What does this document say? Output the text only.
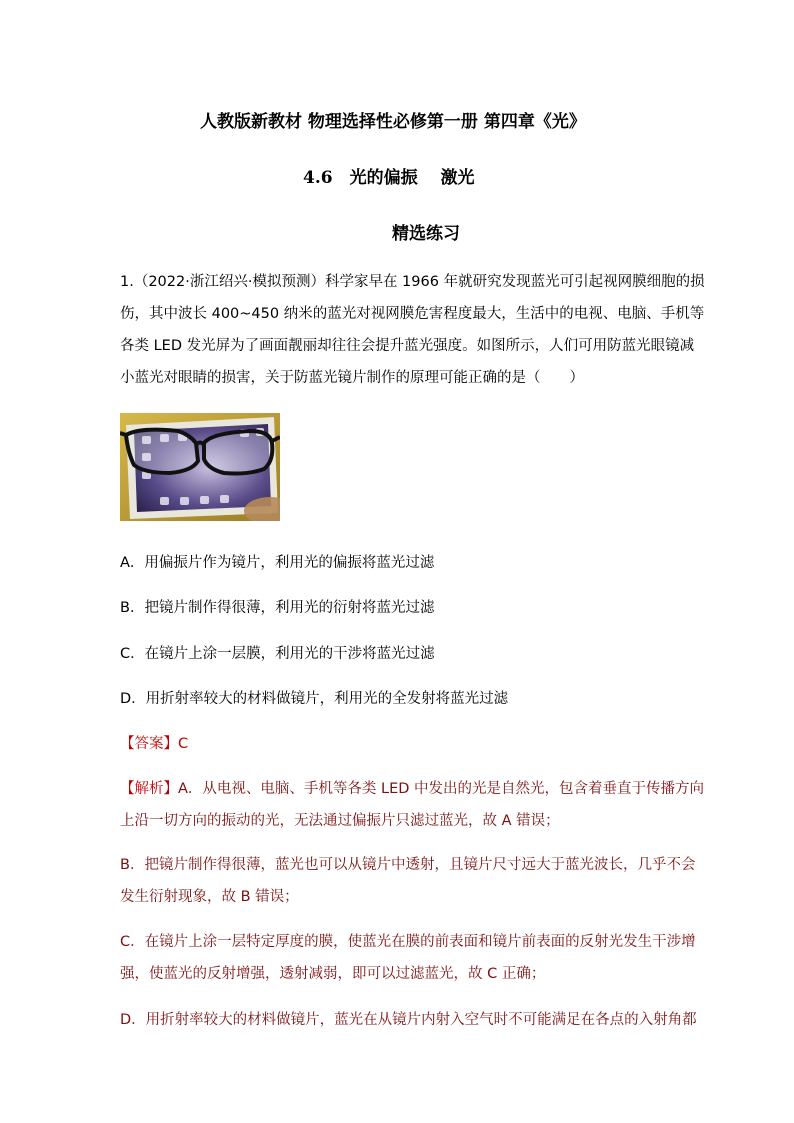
人教版新教材 物理选择性必修第一册 第四章《光》
4.6　光的偏振　 激光
精选练习
1.（2022·浙江绍兴·模拟预测）科学家早在 1966 年就研究发现蓝光可引起视网膜细胞的损
伤，其中波长 400~450 纳米的蓝光对视网膜危害程度最大，生活中的电视、电脑、手机等
各类 LED 发光屏为了画面靓丽却往往会提升蓝光强度。如图所示，人们可用防蓝光眼镜减
小蓝光对眼睛的损害，关于防蓝光镜片制作的原理可能正确的是（　　）
A．用偏振片作为镜片，利用光的偏振将蓝光过滤
B．把镜片制作得很薄，利用光的衍射将蓝光过滤
C．在镜片上涂一层膜，利用光的干涉将蓝光过滤
D．用折射率较大的材料做镜片，利用光的全发射将蓝光过滤
【答案】C
【解析】A．从电视、电脑、手机等各类 LED 中发出的光是自然光，包含着垂直于传播方向
上沿一切方向的振动的光，无法通过偏振片只滤过蓝光，故 A 错误；
B．把镜片制作得很薄，蓝光也可以从镜片中透射，且镜片尺寸远大于蓝光波长，几乎不会
发生衍射现象，故 B 错误；
C．在镜片上涂一层特定厚度的膜，使蓝光在膜的前表面和镜片前表面的反射光发生干涉增
强，使蓝光的反射增强，透射减弱，即可以过滤蓝光，故 C 正确；
D．用折射率较大的材料做镜片，蓝光在从镜片内射入空气时不可能满足在各点的入射角都
